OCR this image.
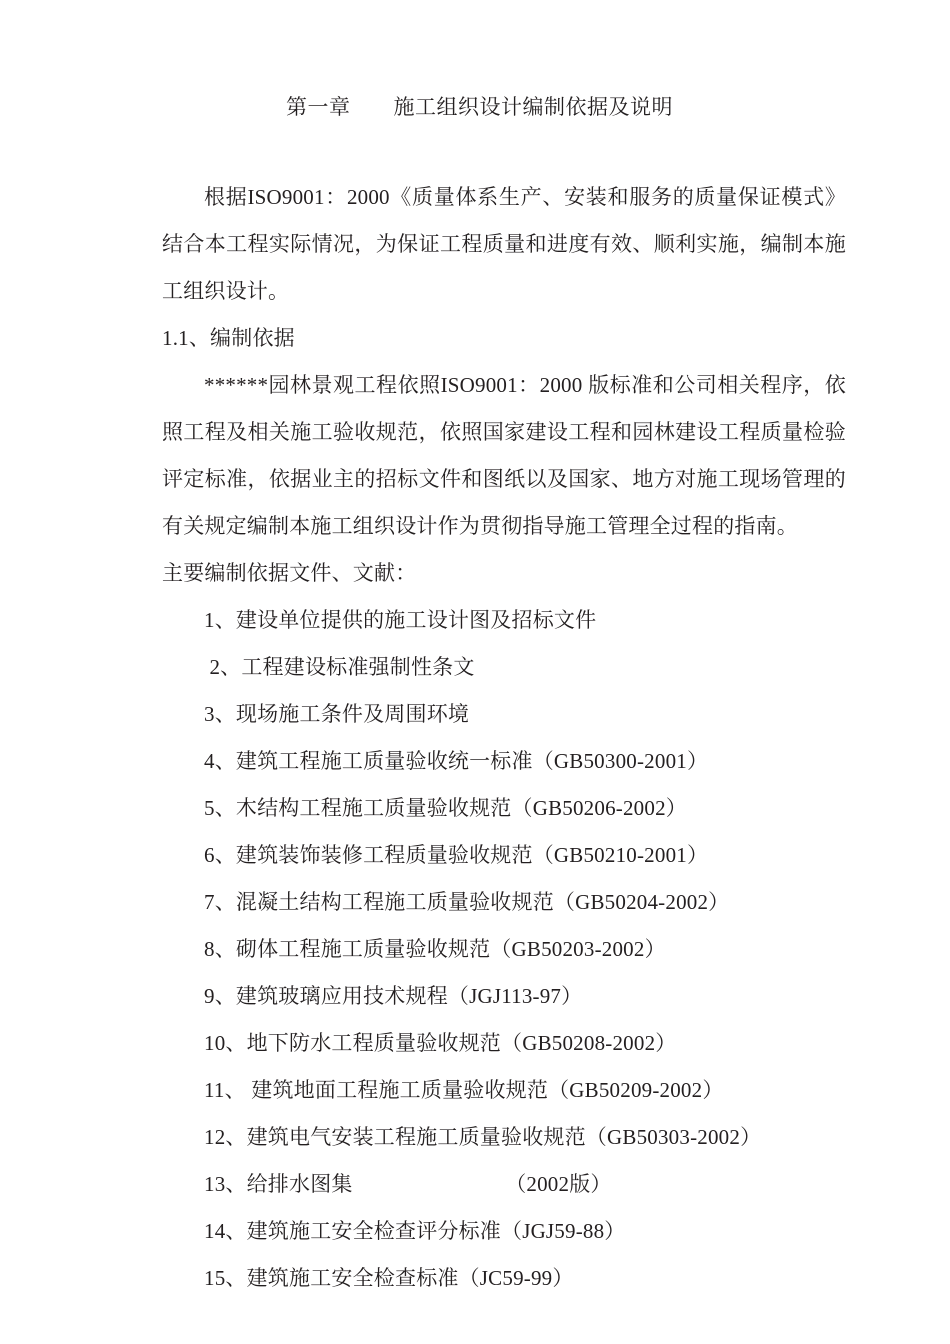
第一章　　施工组织设计编制依据及说明

根据ISO9001：2000《质量体系生产、安装和服务的质量保证模式》结合本工程实际情况，为保证工程质量和进度有效、顺利实施，编制本施工组织设计。

1.1、编制依据

******园林景观工程依照ISO9001：2000 版标准和公司相关程序，依照工程及相关施工验收规范，依照国家建设工程和园林建设工程质量检验评定标准，依据业主的招标文件和图纸以及国家、地方对施工现场管理的有关规定编制本施工组织设计作为贯彻指导施工管理全过程的指南。

主要编制依据文件、文献：

1、建设单位提供的施工设计图及招标文件
2、工程建设标准强制性条文
3、现场施工条件及周围环境
4、建筑工程施工质量验收统一标准（GB50300-2001）
5、木结构工程施工质量验收规范（GB50206-2002）
6、建筑装饰装修工程质量验收规范（GB50210-2001）
7、混凝土结构工程施工质量验收规范（GB50204-2002）
8、砌体工程施工质量验收规范（GB50203-2002）
9、建筑玻璃应用技术规程（JGJ113-97）
10、地下防水工程质量验收规范（GB50208-2002）
11、 建筑地面工程施工质量验收规范（GB50209-2002）
12、建筑电气安装工程施工质量验收规范（GB50303-2002）
13、给排水图集                            （2002版）
14、建筑施工安全检查评分标准（JGJ59-88）
15、建筑施工安全检查标准（JC59-99）
